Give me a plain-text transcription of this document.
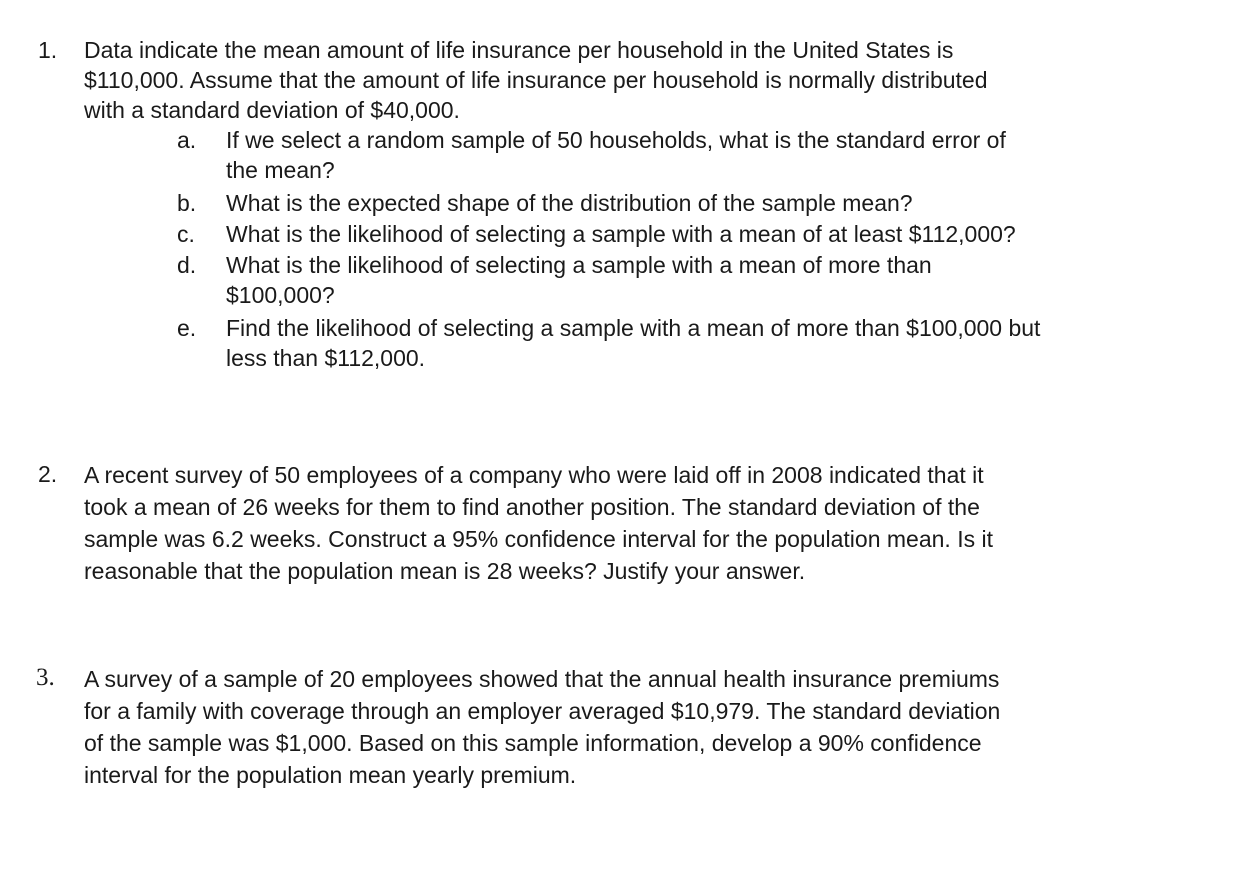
1. Data indicate the mean amount of life insurance per household in the United States is
$110,000. Assume that the amount of life insurance per household is normally distributed
with a standard deviation of $40,000.
a. If we select a random sample of 50 households, what is the standard error of
the mean?
b. What is the expected shape of the distribution of the sample mean?
c. What is the likelihood of selecting a sample with a mean of at least $112,000?
d. What is the likelihood of selecting a sample with a mean of more than
$100,000?
e. Find the likelihood of selecting a sample with a mean of more than $100,000 but
less than $112,000.
2. A recent survey of 50 employees of a company who were laid off in 2008 indicated that it
took a mean of 26 weeks for them to find another position. The standard deviation of the
sample was 6.2 weeks. Construct a 95% confidence interval for the population mean. Is it
reasonable that the population mean is 28 weeks? Justify your answer.
3. A survey of a sample of 20 employees showed that the annual health insurance premiums
for a family with coverage through an employer averaged $10,979. The standard deviation
of the sample was $1,000. Based on this sample information, develop a 90% confidence
interval for the population mean yearly premium.
